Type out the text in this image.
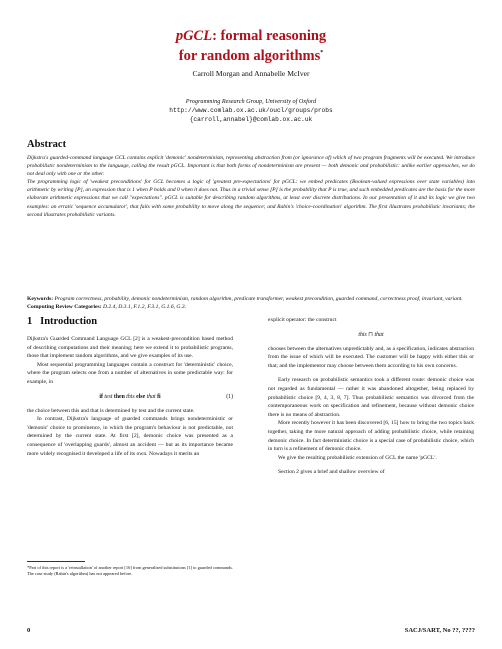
pGCL: formal reasoning
for random algorithms*
Carroll Morgan and Annabelle McIver
Programming Research Group, University of Oxford
http://www.comlab.ox.ac.uk/oucl/groups/probs
{carroll,annabel}@comlab.ox.ac.uk
Abstract

Dijkstra's guarded-command language GCL contains explicit 'demonic' nondeterminism, representing abstraction from (or ignorance of) which of two program fragments will be executed. We introduce probabilistic nondeterminism to the language, calling the result pGCL. Important is that both forms of nondeterminism are present — both demonic and probabilistic: unlike earlier approaches, we do not deal only with one or the other.

The programming logic of 'weakest preconditions' for GCL becomes a logic of 'greatest pre-expectations' for pGCL: we embed predicates (Boolean-valued expressions over state variables) into arithmetic by writing [P], an expression that is 1 when P holds and 0 when it does not. Thus in a trivial sense [P] is the probability that P is true, and such embedded predicates are the basis for the more elaborate arithmetic expressions that we call "expectations". pGCL is suitable for describing random algorithms, at least over discrete distributions. In our presentation of it and its logic we give two examples: an erratic 'sequence accumulator', that fails with some probability to move along the sequence; and Rabin's 'choice-coordination' algorithm. The first illustrates probabilistic invariants; the second illustrates probabilistic variants.

Keywords: Program correctness, probability, demonic nondeterminism, random algorithm, predicate transformer, weakest precondition, guarded command, correctness proof, invariant, variant.
Computing Review Categories: D.2.4, D.3.1, F.1.2, F.3.1, G.1.6, G.3.
1 Introduction

Dijkstra's Guarded Command Language GCL [2] is a weakest-precondition based method of describing computations and their meaning; here we extend it to probabilistic programs, those that implement random algorithms, and we give examples of its use.

Most sequential programming languages contain a construct for 'deterministic' choice, where the program selects one from a number of alternatives in some predictable way: for example, in

if test then this else that fi	(1)

the choice between this and that is determined by test and the current state.

In contrast, Dijkstra's language of guarded commands brings nondeterministic or 'demonic' choice to prominence, in which the program's behaviour is not predictable, not determined by the current state. At first [2], demonic choice was presented as a consequence of 'overlapping guards', almost an accident — but as its importance became more widely recognised it developed a life of its own. Nowadays it merits an

*Part of this report is a 'reinstallation' of another report [16] from generalised substitutions [1] to guarded commands. The case study (Rabin's algorithm) has not appeared before.

explicit operator: the construct

this ⊓ that

chooses between the alternatives unpredictably and, as a specification, indicates abstraction from the issue of which will be executed. The customer will be happy with either this or that; and the implementor may choose between them according to his own concerns.

Early research on probabilistic semantics took a different route: demonic choice was not regarded as fundamental — rather it was abandoned altogether, being replaced by probabilistic choice [9, 4, 3, 8, 7]. Thus probabilistic semantics was divorced from the contemporaneous work on specification and refinement, because without demonic choice there is no means of abstraction.

More recently however it has been discovered [6, 15] how to bring the two topics back together, taking the more natural approach of adding probabilistic choice, while retaining demonic choice. In fact deterministic choice is a special case of probabilistic choice, which in turn is a refinement of demonic choice.

We give the resulting probabilistic extension of GCL the name 'pGCL'.

Section 2 gives a brief and shallow overview of

0	SACJ/SART, No ??, ????
